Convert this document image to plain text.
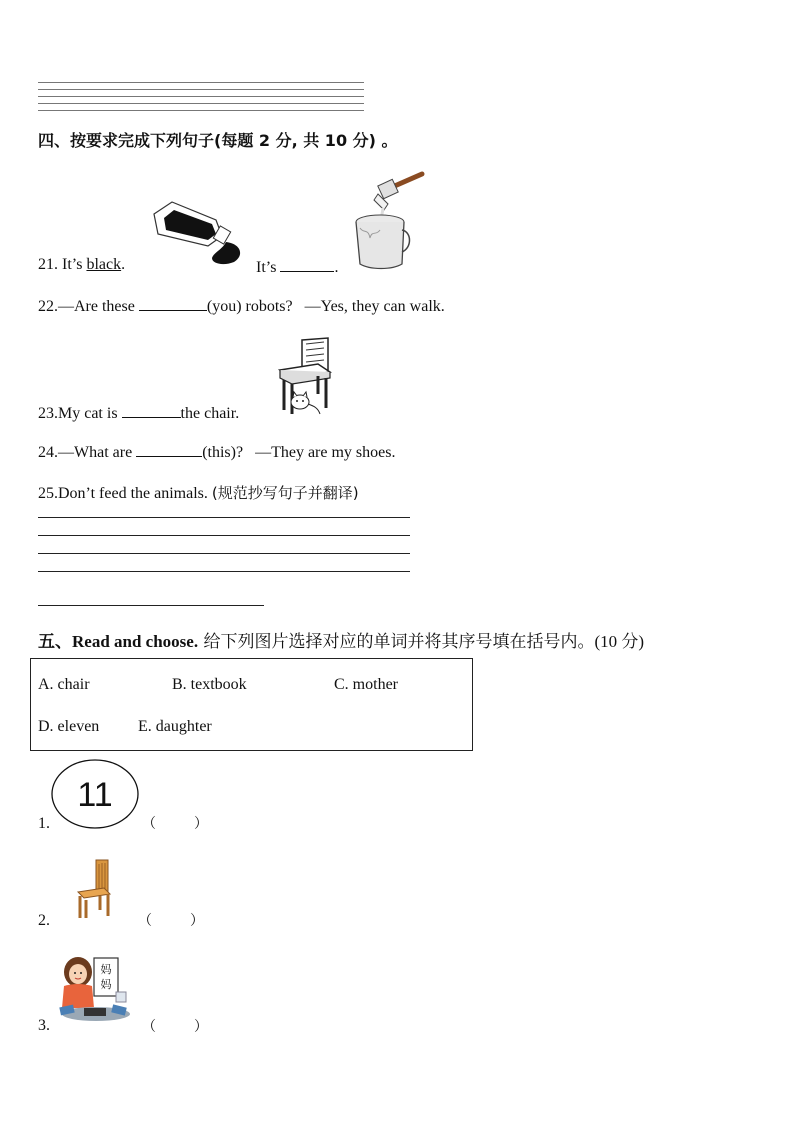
四、按要求完成下列句子(每题 2 分, 共 10 分) 。
21. It’s black.	It’s	.
22.—Are these	(you) robots? —Yes, they can walk.
23.My cat is	the chair.
24.—What are	(this)? —They are my shoes.
25.Don’t feed the animals. (规范抄写句子并翻译)
五、Read and choose. 给下列图片选择对应的单词并将其序号填在括号内。(10 分)
A. chair	B. textbook	C. mother
D. eleven E. daughter
11
1.	（	）
2.	（	）
妈
妈
3.	（	）
